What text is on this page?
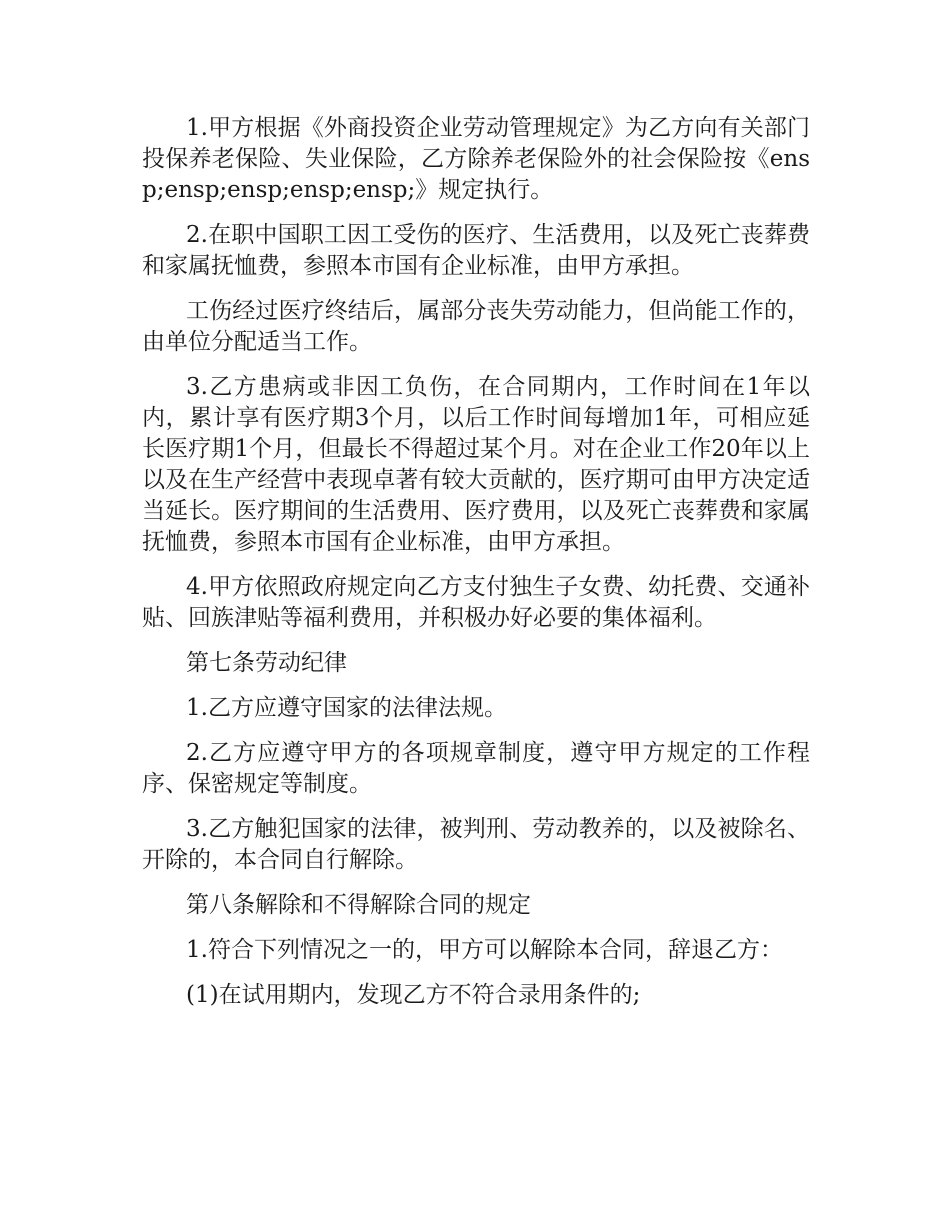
1.甲方根据《外商投资企业劳动管理规定》为乙方向有关部门投保养老保险、失业保险，乙方除养老保险外的社会保险按《ensp;ensp;ensp;ensp;ensp;》规定执行。

2.在职中国职工因工受伤的医疗、生活费用，以及死亡丧葬费和家属抚恤费，参照本市国有企业标准，由甲方承担。

工伤经过医疗终结后，属部分丧失劳动能力，但尚能工作的，由单位分配适当工作。

3.乙方患病或非因工负伤，在合同期内，工作时间在1年以内，累计享有医疗期3个月，以后工作时间每增加1年，可相应延长医疗期1个月，但最长不得超过某个月。对在企业工作20年以上以及在生产经营中表现卓著有较大贡献的，医疗期可由甲方决定适当延长。医疗期间的生活费用、医疗费用，以及死亡丧葬费和家属抚恤费，参照本市国有企业标准，由甲方承担。

4.甲方依照政府规定向乙方支付独生子女费、幼托费、交通补贴、回族津贴等福利费用，并积极办好必要的集体福利。

第七条劳动纪律

1.乙方应遵守国家的法律法规。

2.乙方应遵守甲方的各项规章制度，遵守甲方规定的工作程序、保密规定等制度。

3.乙方触犯国家的法律，被判刑、劳动教养的，以及被除名、开除的，本合同自行解除。

第八条解除和不得解除合同的规定

1.符合下列情况之一的，甲方可以解除本合同，辞退乙方：

(1)在试用期内，发现乙方不符合录用条件的;
